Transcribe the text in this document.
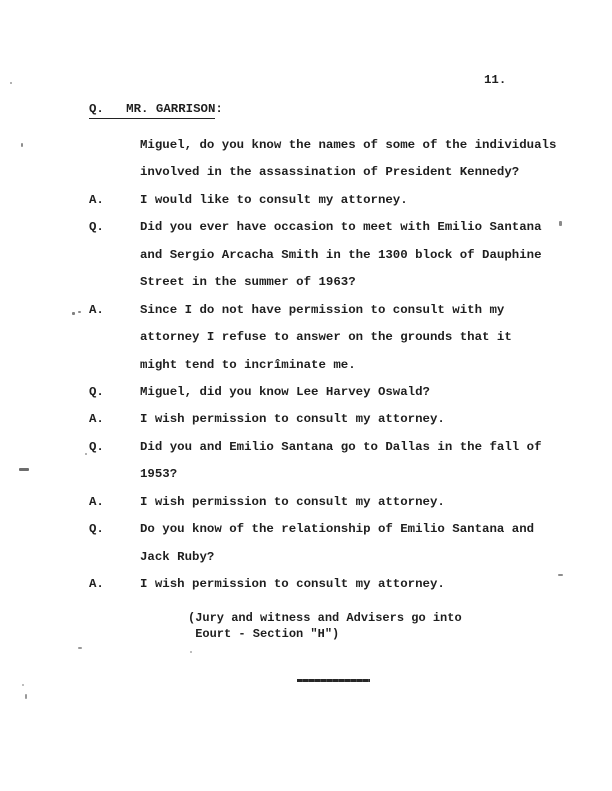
11.
Q.   MR. GARRISON:
Miguel, do you know the names of some of the individuals
involved in the assassination of President Kennedy?
A.	I would like to consult my attorney.
Q.	Did you ever have occasion to meet with Emilio Santana
and Sergio Arcacha Smith in the 1300 block of Dauphine
Street in the summer of 1963?
A.	Since I do not have permission to consult with my
attorney I refuse to answer on the grounds that it
might tend to incrîminate me.
Q.	Miguel, did you know Lee Harvey Oswald?
A.	I wish permission to consult my attorney.
Q.	Did you and Emilio Santana go to Dallas in the fall of
1953?
A.	I wish permission to consult my attorney.
Q.	Do you know of the relationship of Emilio Santana and
Jack Ruby?
A.	I wish permission to consult my attorney.
(Jury and witness and Advisers go into
Eourt - Section "H")
